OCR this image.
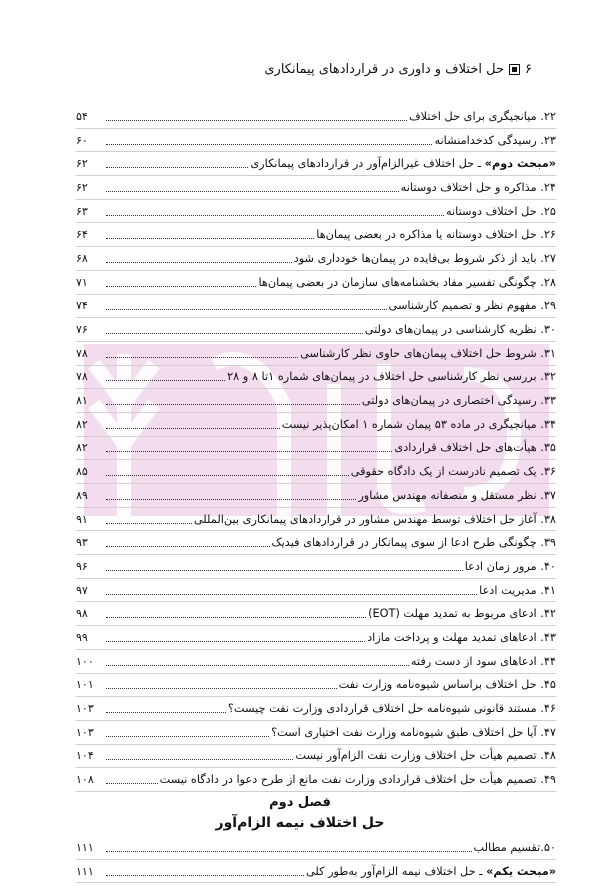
۶
حل اختلاف و داوری در قراردادهای پیمانکاری
۲۲. میانجیگری برای حل اختلاف
۵۴
۲۳. رسیدگی کدخدامنشانه
۶۰
«مبحث دوم» ـ حل اختلاف غیرالزام‌آور در قراردادهای پیمانکاری
۶۲
۲۴. مذاکره و حل اختلاف دوستانه
۶۲
۲۵. حل اختلاف دوستانه
۶۳
۲۶. حل اختلاف دوستانه یا مذاکره در بعضی پیمان‌ها
۶۴
۲۷. باید از ذکر شروط بی‌فایده در پیمان‌ها خودداری شود
۶۸
۲۸. چگونگی تفسیر مفاد بخشنامه‌های سازمان در بعضی پیمان‌ها
۷۱
۲۹. مفهوم نظر و تصمیم کارشناسی
۷۴
۳۰. نظریه کارشناسی در پیمان‌های دولتی
۷۶
۳۱. شروط حل اختلاف پیمان‌های حاوی نظر کارشناسی
۷۸
۳۲. بررسی نظر کارشناسی حل اختلاف در پیمان‌های شماره ۱تا ۸ و ۲۸
۷۸
۳۳. رسیدگی اختصاری در پیمان‌های دولتی
۸۱
۳۴. میانجیگری در ماده ۵۳ پیمان شماره ۱ امکان‌پذیر نیست
۸۲
۳۵. هیأت‌های حل اختلاف قراردادی
۸۲
۳۶. یک تصمیم نادرست از یک دادگاه حقوقی
۸۵
۳۷. نظر مستقل و منصفانه مهندس مشاور
۸۹
۳۸. آغاز حل اختلاف توسط مهندس مشاور در قراردادهای پیمانکاری بین‌المللی
۹۱
۳۹. چگونگی طرح ادعا از سوی پیمانکار در قراردادهای فیدیک
۹۳
۴۰. مرور زمان ادعا
۹۶
۴۱. مدیریت ادعا
۹۷
۴۲. ادعای مربوط به تمدید مهلت (EOT)
۹۸
۴۳. ادعاهای تمدید مهلت و پرداخت مازاد
۹۹
۴۴. ادعاهای سود از دست رفته
۱۰۰
۴۵. حل اختلاف براساس شیوه‌نامه وزارت نفت
۱۰۱
۴۶. مستند قانونی شیوه‌نامه حل اختلاف قراردادی وزارت نفت چیست؟
۱۰۳
۴۷. آیا حل اختلاف طبق شیوه‌نامه وزارت نفت اختیاری است؟
۱۰۳
۴۸. تصمیم هیأت حل اختلاف وزارت نفت الزام‌آور نیست
۱۰۴
۴۹. تصمیم هیأت حل اختلاف قراردادی وزارت نفت مانع از طرح دعوا در دادگاه نیست
۱۰۸
فصل دوم
حل اختلاف نیمه الزام‌آور
۵۰.تقسیم مطالب
۱۱۱
«مبحث یکم» ـ حل اختلاف نیمه الزام‌آور به‌طور کلی
۱۱۱
